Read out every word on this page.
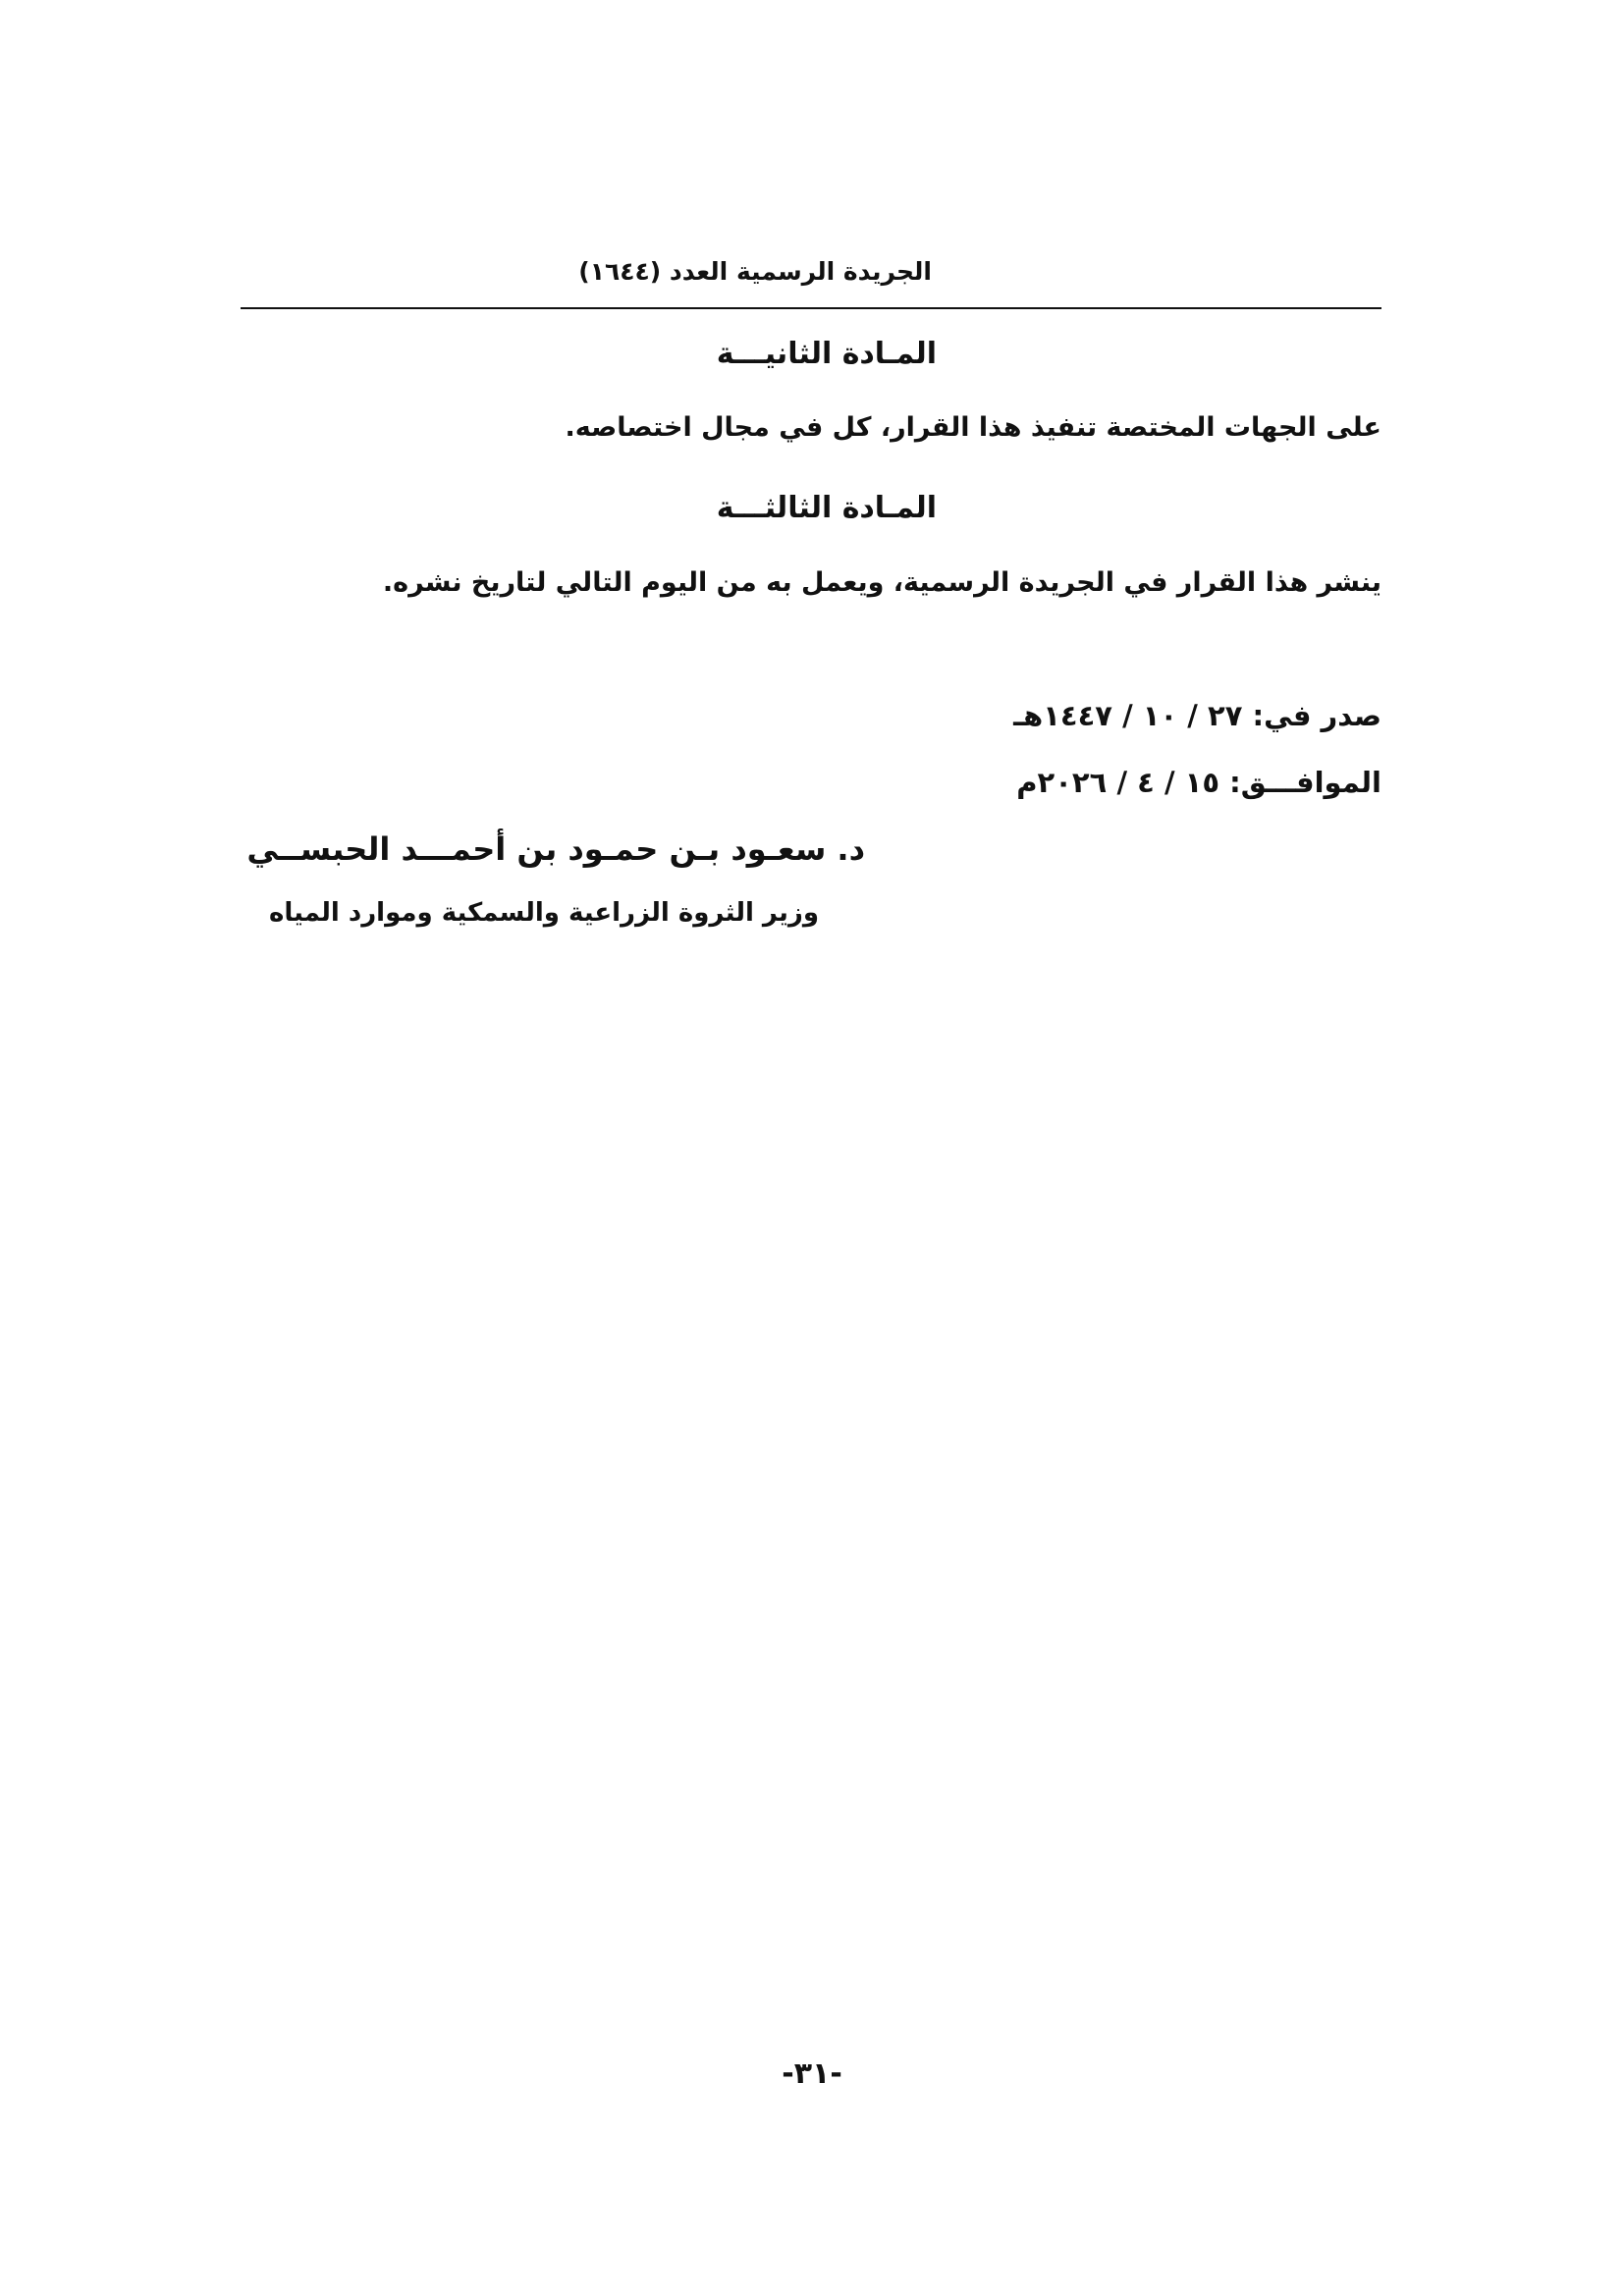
الجريدة الرسمية العدد (١٦٤٤)
المـادة الثانيـــة
على الجهات المختصة تنفيذ هذا القرار، كل في مجال اختصاصه.
المـادة الثالثـــة
ينشر هذا القرار في الجريدة الرسمية، ويعمل به من اليوم التالي لتاريخ نشره.
صدر في: ٢٧ / ١٠ / ١٤٤٧هـ
الموافـــق: ١٥ / ٤ / ٢٠٢٦م
د. سعـود بـن حمـود بن أحمـــد الحبســي
وزير الثروة الزراعية والسمكية وموارد المياه
-٣١-
